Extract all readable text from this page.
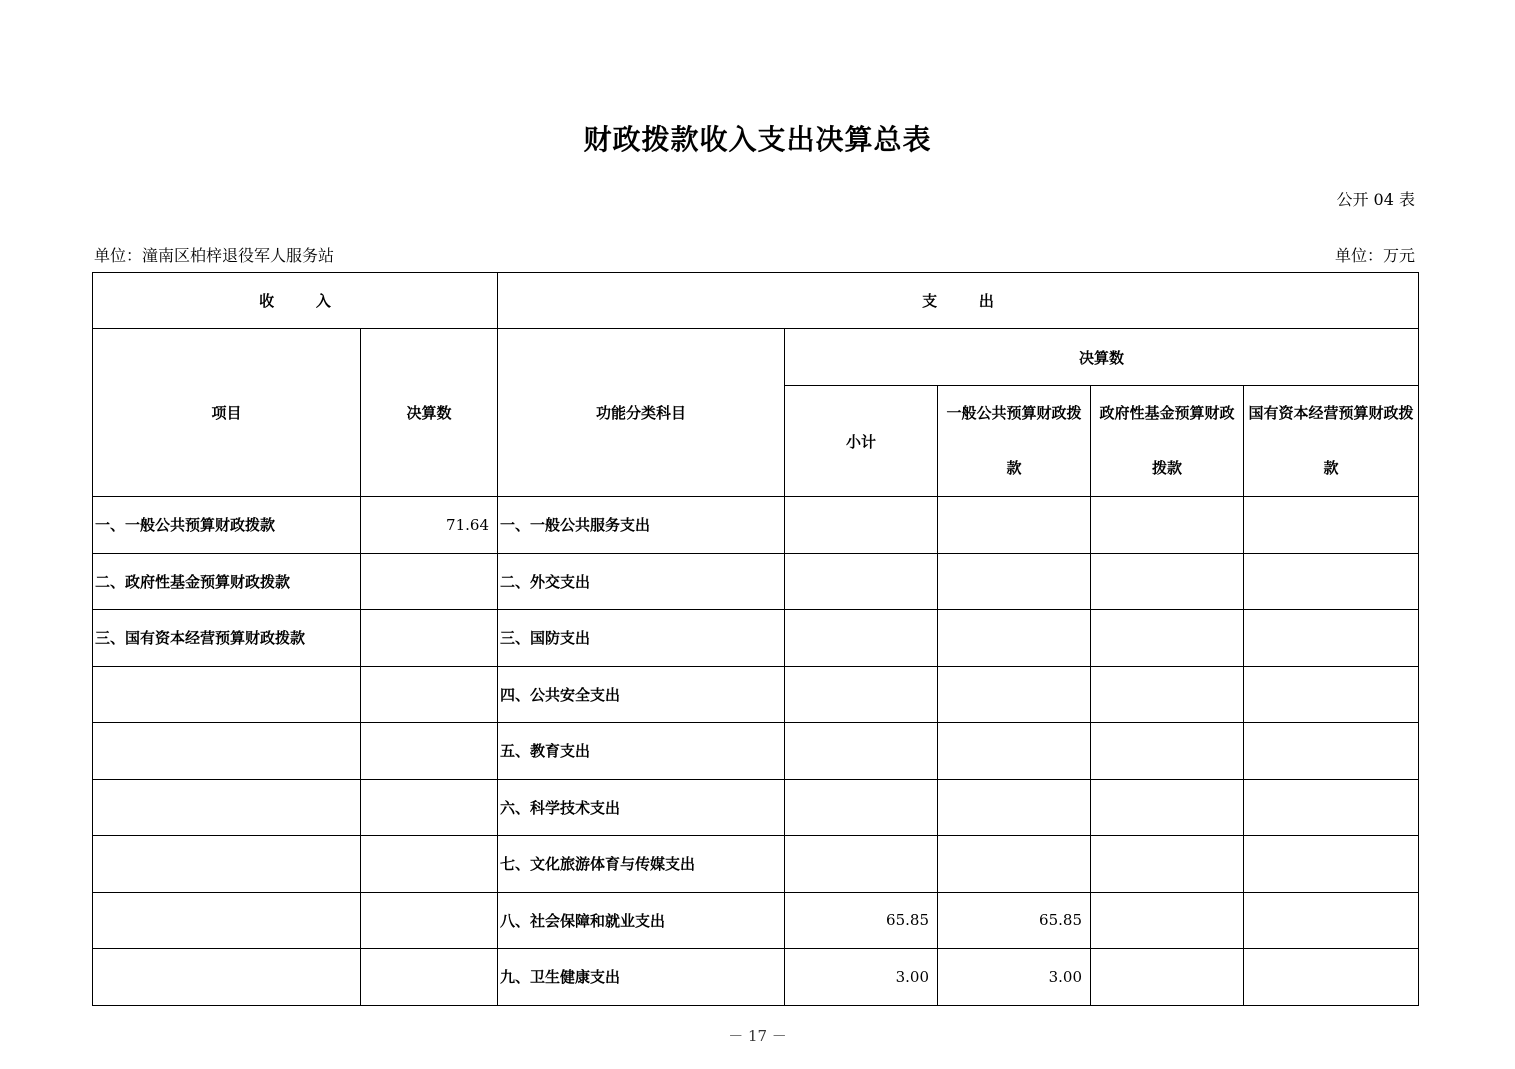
财政拨款收入支出决算总表
公开 04 表
单位：潼南区柏梓退役军人服务站	单位：万元
收        入		支        出				
项目	决算数	功能分类科目	决算数			
			小计	一般公共预算财政拨款	政府性基金预算财政拨款	国有资本经营预算财政拨款
一、一般公共预算财政拨款	71.64	一、一般公共服务支出				
二、政府性基金预算财政拨款		二、外交支出				
三、国有资本经营预算财政拨款		三、国防支出				
		四、公共安全支出				
		五、教育支出				
		六、科学技术支出				
		七、文化旅游体育与传媒支出				
		八、社会保障和就业支出	65.85	65.85		
		九、卫生健康支出	3.00	3.00		
－ 17 －
